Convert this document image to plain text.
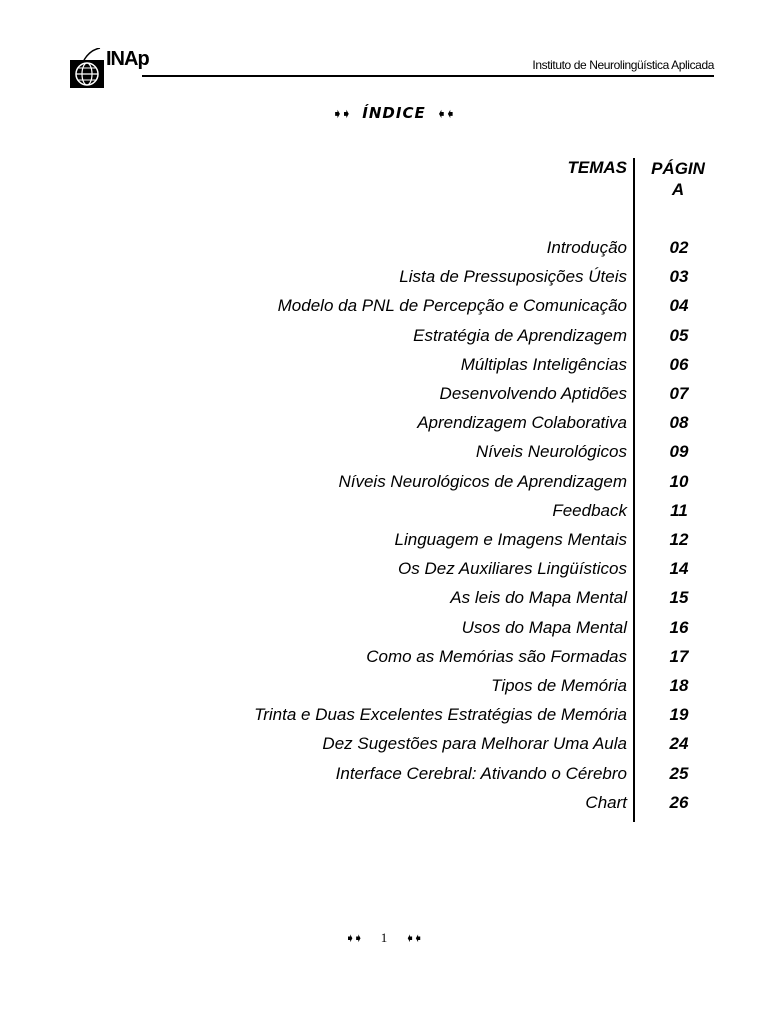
INAp	Instituto de Neurolingüística Aplicada
➧➧ ÍNDICE ➧➧
TEMAS	PÁGIN
A
Introdução	02
Lista de Pressuposições Úteis	03
Modelo da PNL de Percepção e Comunicação	04
Estratégia de Aprendizagem	05
Múltiplas Inteligências	06
Desenvolvendo Aptidões	07
Aprendizagem Colaborativa	08
Níveis Neurológicos	09
Níveis Neurológicos de Aprendizagem	10
Feedback	11
Linguagem e Imagens Mentais	12
Os Dez Auxiliares Lingüísticos	14
As leis do Mapa Mental	15
Usos do Mapa Mental	16
Como as Memórias são Formadas	17
Tipos de Memória	18
Trinta e Duas Excelentes Estratégias de Memória	19
Dez Sugestões para Melhorar Uma Aula	24
Interface Cerebral: Ativando o Cérebro	25
Chart	26
➧➧ 1 ➧➧
